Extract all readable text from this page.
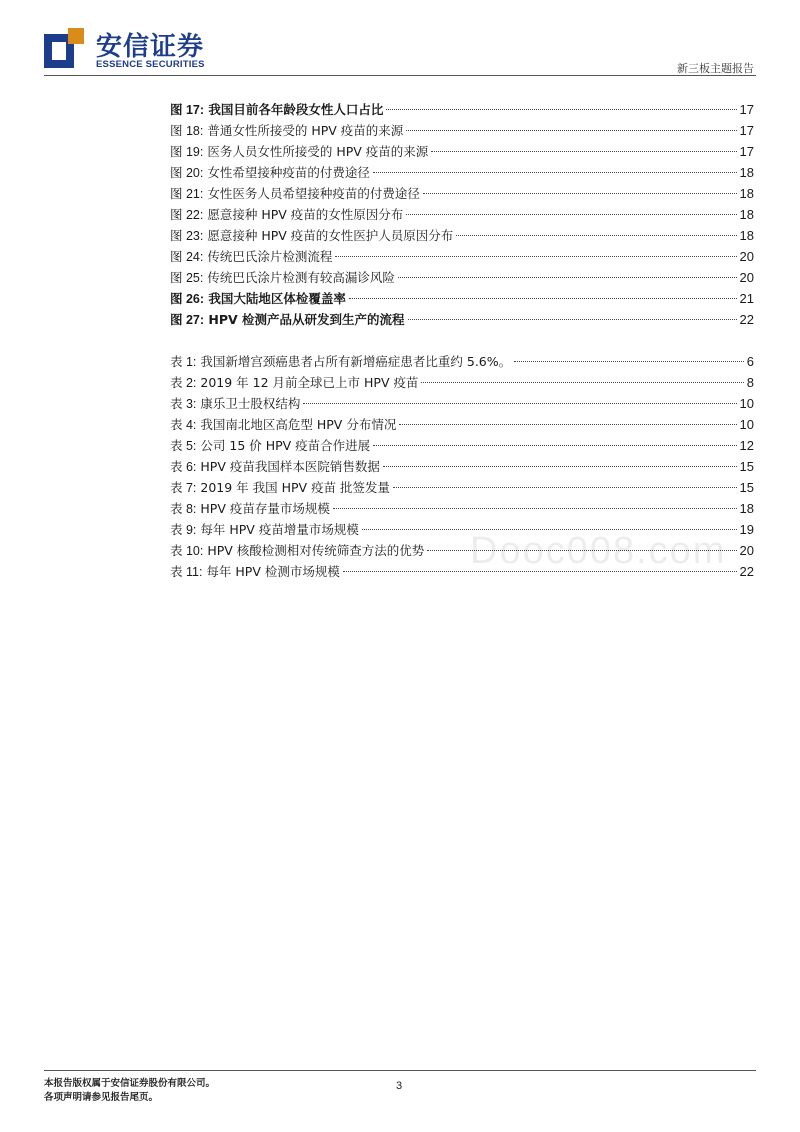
安信证券
ESSENCE SECURITIES	新三板主题报告
图 17: 我国目前各年龄段女性人口占比	17
图 18: 普通女性所接受的 HPV 疫苗的来源	17
图 19: 医务人员女性所接受的 HPV 疫苗的来源	17
图 20: 女性希望接种疫苗的付费途径	18
图 21: 女性医务人员希望接种疫苗的付费途径	18
图 22: 愿意接种 HPV 疫苗的女性原因分布	18
图 23: 愿意接种 HPV 疫苗的女性医护人员原因分布	18
图 24: 传统巴氏涂片检测流程	20
图 25: 传统巴氏涂片检测有较高漏诊风险	20
图 26: 我国大陆地区体检覆盖率	21
图 27: HPV 检测产品从研发到生产的流程	22
表 1: 我国新增宫颈癌患者占所有新增癌症患者比重约 5.6%。	6
表 2: 2019 年 12 月前全球已上市 HPV 疫苗	8
表 3: 康乐卫士股权结构	10
表 4: 我国南北地区高危型 HPV 分布情况	10
表 5: 公司 15 价 HPV 疫苗合作进展	12
表 6: HPV 疫苗我国样本医院销售数据	15
表 7: 2019 年 我国 HPV 疫苗 批签发量	15
表 8: HPV 疫苗存量市场规模	18
表 9: 每年 HPV 疫苗增量市场规模	19
表 10: HPV 核酸检测相对传统筛查方法的优势	20
表 11: 每年 HPV 检测市场规模	22
Dooc008.com
本报告版权属于安信证券股份有限公司。
各项声明请参见报告尾页。
3
